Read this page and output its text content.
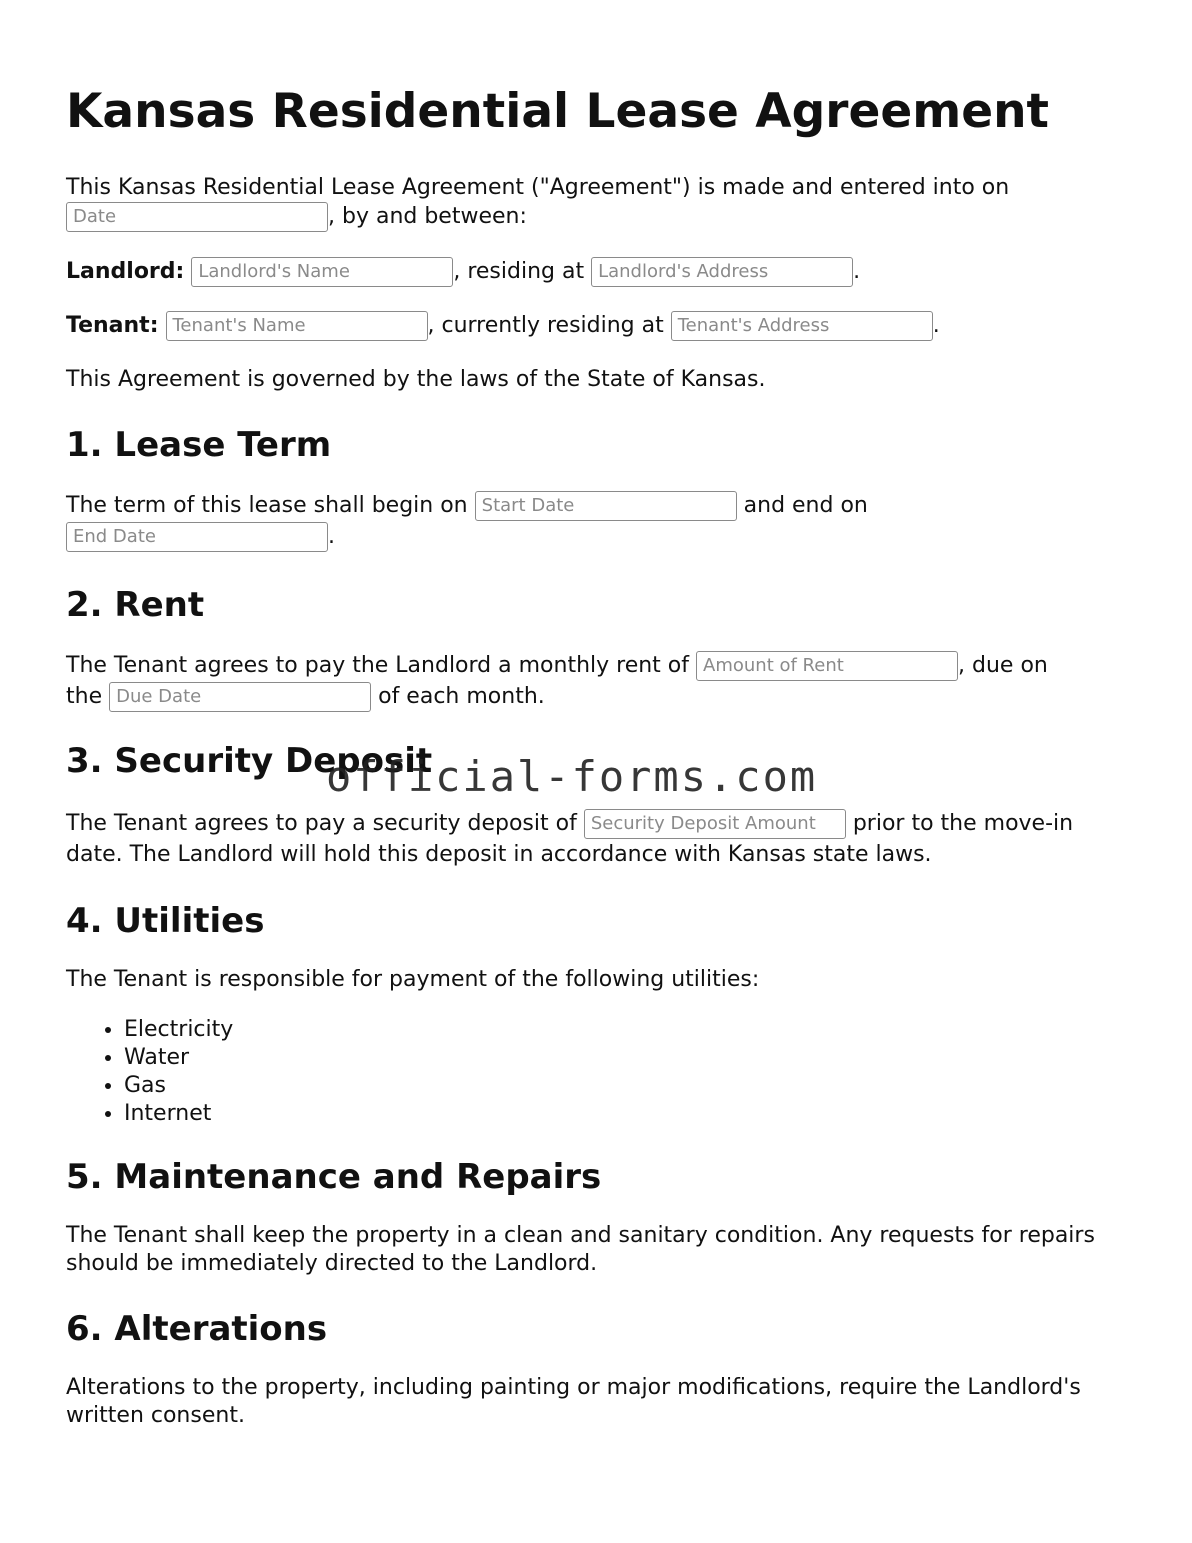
Kansas Residential Lease Agreement

This Kansas Residential Lease Agreement ("Agreement") is made and entered into on
Date	, by and between:

Landlord: Landlord's Name	, residing at Landlord's Address	.

Tenant: Tenant's Name	, currently residing at Tenant's Address	.

This Agreement is governed by the laws of the State of Kansas.

1. Lease Term

The term of this lease shall begin on Start Date	and end on
End Date	.

2. Rent

The Tenant agrees to pay the Landlord a monthly rent of Amount of Rent	, due on
the Due Date	of each month.

3. Security Deposit

The Tenant agrees to pay a security deposit of Security Deposit Amount prior to the move-in date. The Landlord will hold this deposit in accordance with Kansas state laws.

4. Utilities

The Tenant is responsible for payment of the following utilities:

• Electricity
• Water
• Gas
• Internet
5. Maintenance and Repairs

The Tenant shall keep the property in a clean and sanitary condition. Any requests for repairs should be immediately directed to the Landlord.

6. Alterations

Alterations to the property, including painting or major modifications, require the Landlord's written consent.

official-forms.com
